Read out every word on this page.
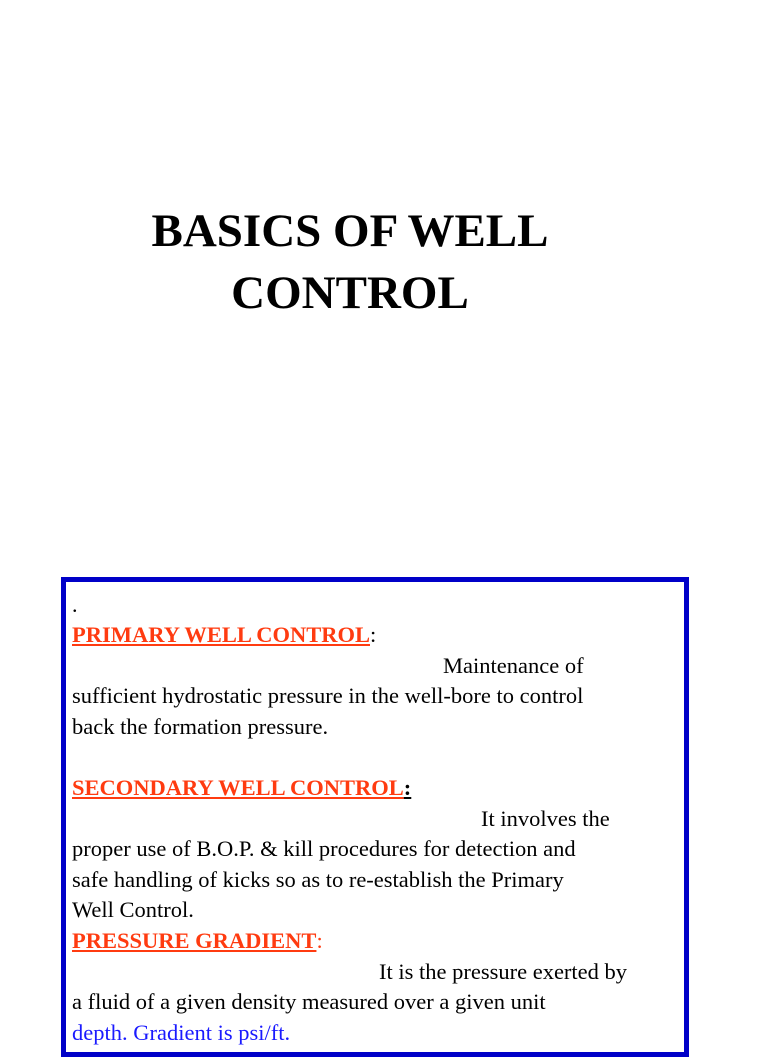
BASICS OF WELL
CONTROL
.
PRIMARY WELL CONTROL:
Maintenance of
sufficient hydrostatic pressure in the well-bore to control
back the formation pressure.
SECONDARY WELL CONTROL:
It involves the
proper use of B.O.P. & kill procedures for detection and
safe handling of kicks so as to re-establish the Primary
Well Control.
PRESSURE GRADIENT:
It is the pressure exerted by
a fluid of a given density measured over a given unit
depth. Gradient is psi/ft.
